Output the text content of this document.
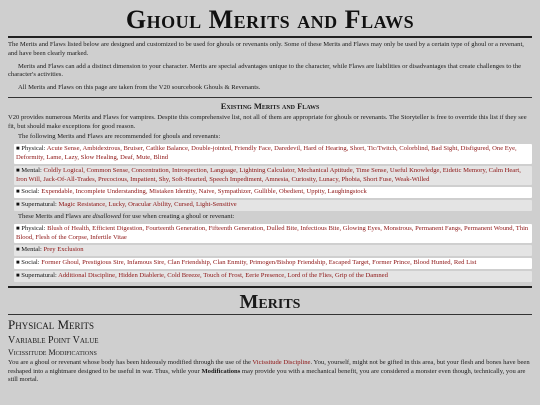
Ghoul Merits and Flaws

The Merits and Flaws listed below are designed and customized to be used for ghouls or revenants only. Some of these Merits and Flaws may only be used by a certain type of ghoul or a revenant, and have been clearly marked.

Merits and Flaws can add a distinct dimension to your character. Merits are special advantages unique to the character, while Flaws are liabilities or disadvantages that create challenges to the character's activities.

All Merits and Flaws on this page are taken from the V20 sourcebook Ghouls & Revenants.

Existing Merits and Flaws

V20 provides numerous Merits and Flaws for vampires. Despite this comprehensive list, not all of them are appropriate for ghouls or revenants. The Storyteller is free to override this list if they see fit, but should make exceptions for good reason.

The following Merits and Flaws are recommended for ghouls and revenants:

■ Physical: Acute Sense, Ambidextrous, Bruiser, Catlike Balance, Double-jointed, Friendly Face, Daredevil, Hard of Hearing, Short, Tic/Twitch, Colorblind, Bad Sight, Disfigured, One Eye, Deformity, Lame, Lazy, Slow Healing, Deaf, Mute, Blind
■ Mental: Coldly Logical, Common Sense, Concentration, Introspection, Language, Lightning Calculator, Mechanical Aptitude, Time Sense, Useful Knowledge, Eidetic Memory, Calm Heart, Iron Will, Jack-Of-All-Trades, Precocious, Impatient, Shy, Soft-Hearted, Speech Impediment, Amnesia, Curiosity, Lunacy, Phobia, Short Fuse, Weak-Willed
■ Social: Expendable, Incomplete Understanding, Mistaken Identity, Naive, Sympathizer, Gullible, Obedient, Uppity, Laughingstock
■ Supernatural: Magic Resistance, Lucky, Oracular Ability, Cursed, Light-Sensitive

These Merits and Flaws are disallowed for use when creating a ghoul or revenant:

■ Physical: Blush of Health, Efficient Digestion, Fourteenth Generation, Fifteenth Generation, Dulled Bite, Infectious Bite, Glowing Eyes, Monstrous, Permanent Fangs, Permanent Wound, Thin Blood, Flesh of the Corpse, Infertile Vitae
■ Mental: Prey Exclusion
■ Social: Former Ghoul, Prestigious Sire, Infamous Sire, Clan Friendship, Clan Enmity, Primogen/Bishop Friendship, Escaped Target, Former Prince, Blood Hunted, Red List
■ Supernatural: Additional Discipline, Hidden Diablerie, Cold Breeze, Touch of Frost, Eerie Presence, Lord of the Flies, Grip of the Damned
Merits
Physical Merits
Variable Point Value
Vicissitude Modifications

You are a ghoul or revenant whose body has been hideously modified through the use of the Vicissitude Discipline. You, yourself, might not be gifted in this area, but your flesh and bones have been reshaped into a nightmare designed to be useful in war. Thus, while your Modifications may provide you with a mechanical benefit, you are considered a monster even though, technically, you are still mortal.
